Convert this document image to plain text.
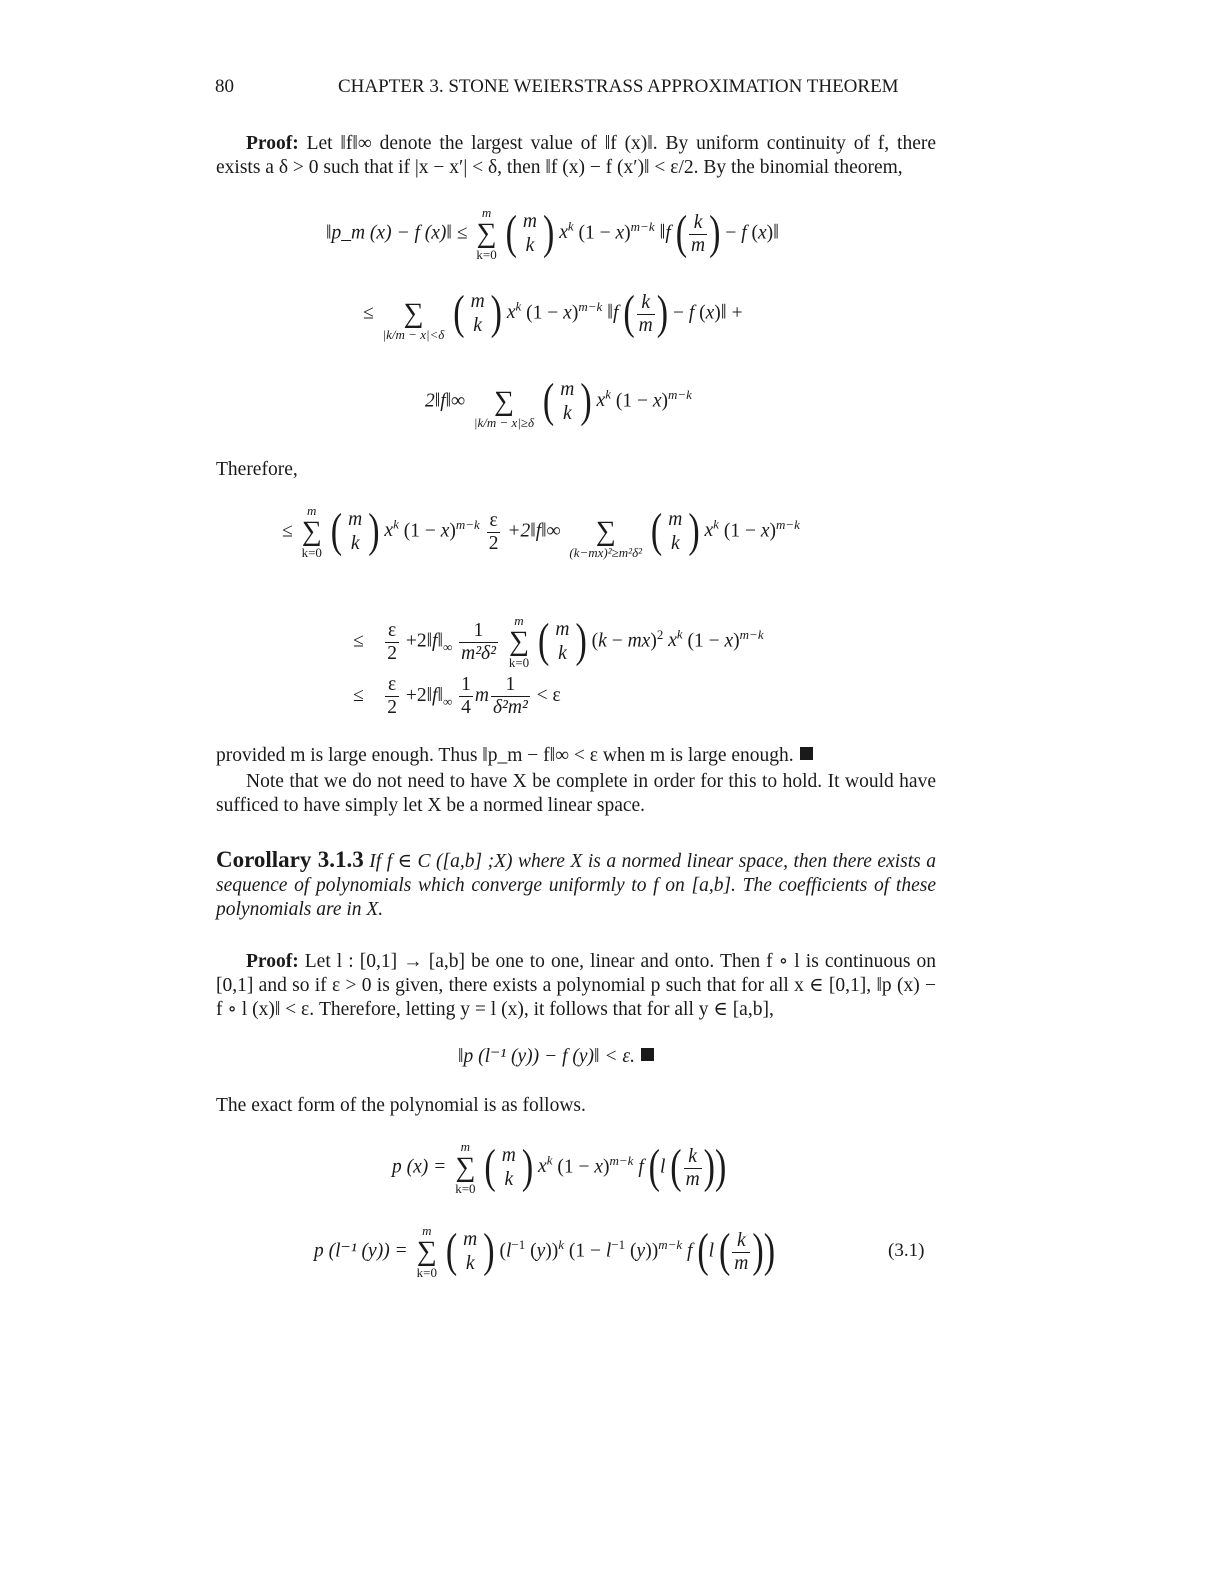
80	CHAPTER 3. STONE WEIERSTRASS APPROXIMATION THEOREM
Proof: Let ‖f‖∞ denote the largest value of ‖f (x)‖. By uniform continuity of f, there exists a δ > 0 such that if |x − x′| < δ, then ‖f (x) − f (x′)‖ < ε/2. By the binomial theorem,
‖p_m (x) − f (x)‖ ≤
m
∑
k=0 ( m
k ) $x^k$ $(1 - x)^{m-k}$ ‖f ( $\frac{k}{m}$ ) − f (x)‖
≤
	∑
|k/m − x|<δ ( m
k ) $x^k$ $(1 - x)^{m-k}$ ‖f ( $\frac{k}{m}$ ) − f (x)‖ +
2‖f‖∞
	∑
|k/m − x|≥δ ( m
k ) $x^k$ $(1 - x)^{m-k}$
Therefore,
≤
m
∑
k=0 ( m
k ) $x^k$ $(1 - x)^{m-k} \frac{\varepsilon}{2}$ +2‖f‖∞
	∑
(k−mx)²≥m²δ² ( m
k ) $x^k$ $(1 - x)^{m-k}$
≤ $\frac{\varepsilon}{2}$ $+2‖f‖_\infty \frac{1}{\text{m²δ²}}$
	m
∑
k=0 ( m
k ) (k − mx)$^2$ $x^k$ $(1 - x)^{m-k}$
≤ $\frac{\varepsilon}{2}$ $+2‖f‖_\infty \frac{1}{4}$ m $\frac{1}{\text{δ²m²}} < \varepsilon$
provided m is large enough. Thus ‖p_m − f‖∞ < ε when m is large enough.
Note that we do not need to have X be complete in order for this to hold. It would have sufficed to have simply let X be a normed linear space.
Corollary 3.1.3 If f ∈ C ([a,b] ;X) where X is a normed linear space, then there exists a sequence of polynomials which converge uniformly to f on [a,b]. The coefficients of these polynomials are in X.
Proof: Let l : [0,1] → [a,b] be one to one, linear and onto. Then f ∘ l is continuous on [0,1] and so if ε > 0 is given, there exists a polynomial p such that for all x ∈ [0,1], ‖p (x) − f ∘ l (x)‖ < ε. Therefore, letting y = l (x), it follows that for all y ∈ [a,b],
‖p (l⁻¹ (y)) − f (y)‖ < ε.
The exact form of the polynomial is as follows.
p (x) =
m
∑
k=0 ( m
k ) $x^k$ $(1 - x)^{m-k}$ f (l ( $\frac{k}{m}$ ))
p (l⁻¹ (y)) =
m
∑
k=0 ( m
k ) ($l^{-1}$ (y))$^k$ ($1 - l^{-1}$ (y))$^{m-k}$ f (l ( $\frac{k}{m}$ ))	(3.1)
